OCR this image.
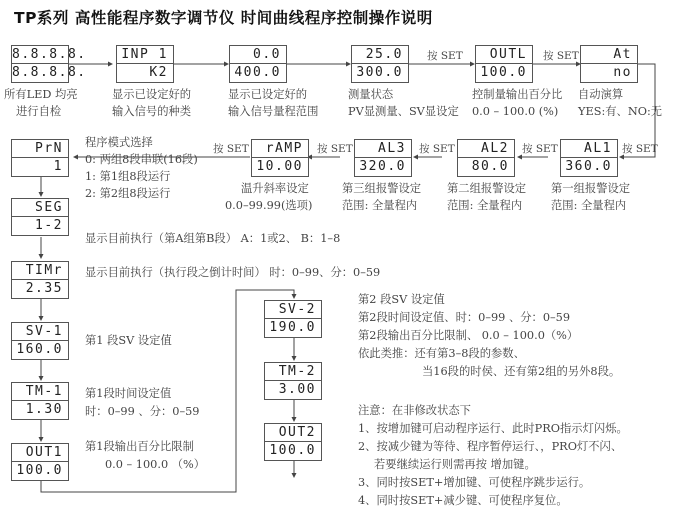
TP系列 高性能程序数字调节仪 时间曲线程序控制操作说明
8.8.8.8.
8.8.8.8.
所有LED 均亮
进行自检
INP 1
K2
显示已设定好的
输入信号的种类
0.0
400.0
显示已设定好的
输入信号量程范围
25.0
300.0
按 SET
测量状态
PV显测量、SV显设定
OUTL
100.0
按 SET
控制量输出百分比
0.0 – 100.0 (%)
At
no
自动演算
YES:有、NO:无
PrN
1
程序模式选择
0: 两组8段串联(16段)
1: 第1组8段运行
2: 第2组8段运行
按 SET	rAMP
10.00
温升斜率设定
0.0–99.99(选项)
按 SET	AL3
320.0
第三组报警设定
范围: 全量程内
按 SET	AL2
80.0
第二组报警设定
范围: 全量程内
按 SET	AL1
360.0
按 SET
第一组报警设定
范围: 全量程内
SEG
1-2
显示目前执行（第A组第B段） A：1或2、 B：1–8
TIMr
2.35
显示目前执行（执行段之倒计时间） 时：0–99、分：0–59
SV-1
160.0
第1 段SV 设定值
TM-1
1.30
第1段时间设定值
时：0–99 、分：0–59
OUT1
100.0
第1段输出百分比限制
0.0 – 100.0 （%）
SV-2
190.0
TM-2
3.00
OUT2
100.0
第2 段SV 设定值
第2段时间设定值、时：0–99 、分：0–59
第2段输出百分比限制、 0.0 – 100.0（%）
依此类推：还有第3–8段的参数、
当16段的时侯、还有第2组的另外8段。
注意：在非修改状态下
1、按增加键可启动程序运行、此时PRO指示灯闪烁。
2、按减少键为等待、程序暂停运行、，PRO灯不闪、
若要继续运行则需再按 增加键。
3、同时按SET+增加键、可使程序跳步运行。
4、同时按SET+减少键、可使程序复位。
